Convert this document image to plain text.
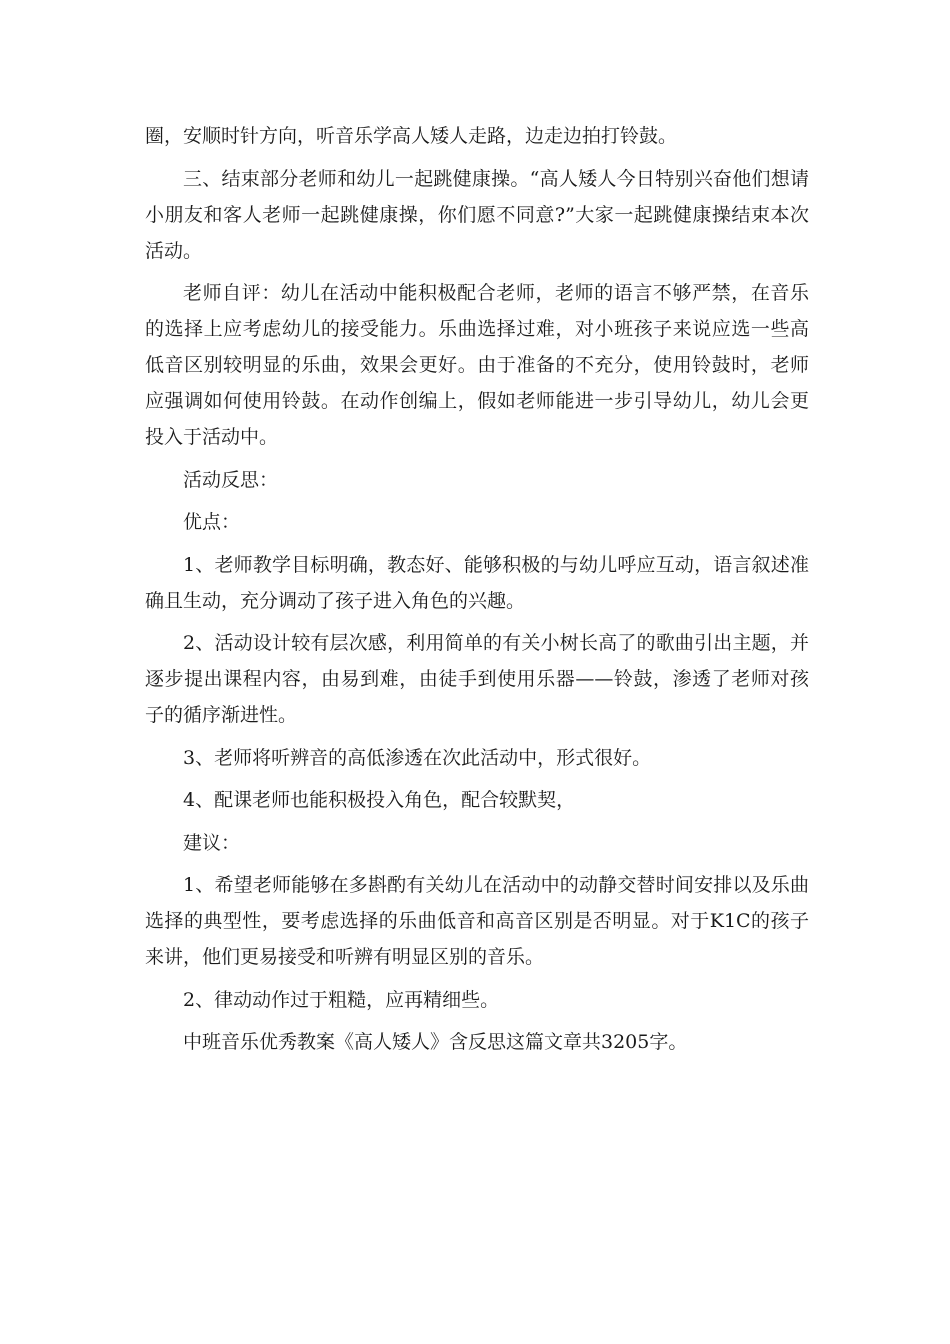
圈，安顺时针方向，听音乐学高人矮人走路，边走边拍打铃鼓。

三、结束部分老师和幼儿一起跳健康操。“高人矮人今日特别兴奋他们想请小朋友和客人老师一起跳健康操，你们愿不同意?”大家一起跳健康操结束本次活动。

老师自评：幼儿在活动中能积极配合老师，老师的语言不够严禁，在音乐的选择上应考虑幼儿的接受能力。乐曲选择过难，对小班孩子来说应选一些高低音区别较明显的乐曲，效果会更好。由于准备的不充分，使用铃鼓时，老师应强调如何使用铃鼓。在动作创编上，假如老师能进一步引导幼儿，幼儿会更投入于活动中。

活动反思：

优点：

1、老师教学目标明确，教态好、能够积极的与幼儿呼应互动，语言叙述准确且生动，充分调动了孩子进入角色的兴趣。

2、活动设计较有层次感，利用简单的有关小树长高了的歌曲引出主题，并逐步提出课程内容，由易到难，由徒手到使用乐器——铃鼓，渗透了老师对孩子的循序渐进性。

3、老师将听辨音的高低渗透在次此活动中，形式很好。

4、配课老师也能积极投入角色，配合较默契，

建议：

1、希望老师能够在多斟酌有关幼儿在活动中的动静交替时间安排以及乐曲选择的典型性，要考虑选择的乐曲低音和高音区别是否明显。对于K1C的孩子来讲，他们更易接受和听辨有明显区别的音乐。

2、律动动作过于粗糙，应再精细些。

中班音乐优秀教案《高人矮人》含反思这篇文章共3205字。
